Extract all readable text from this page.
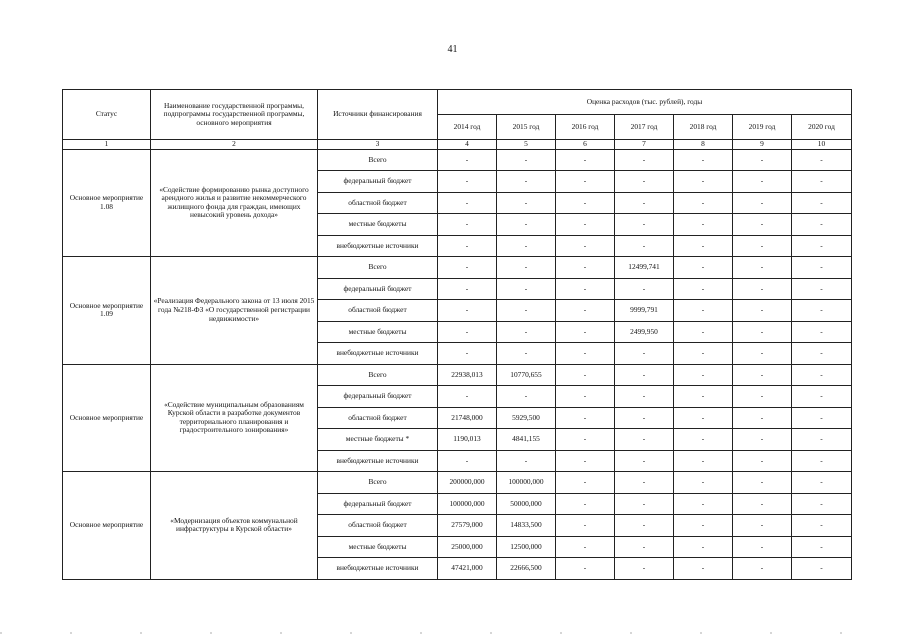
41
Статус	Наименование государственной программы, подпрограммы государственной программы, основного мероприятия	Источники финансирования	Оценка расходов (тыс. рублей), годы						
			2014 год	2015 год	2016 год	2017 год	2018 год	2019 год	2020 год
1	2	3	4	5	6	7	8	9	10
Основное мероприятие 1.08	«Содействие формированию рынка доступного арендного жилья и развитие некоммерческого жилищного фонда для граждан, имеющих невысокий уровень дохода»	Всего	-	-	-	-	-	-	-
		федеральный бюджет	-	-	-	-	-	-	-
		областной бюджет	-	-	-	-	-	-	-
		местные бюджеты	-	-	-	-	-	-	-
		внебюджетные источники	-	-	-	-	-	-	-
Основное мероприятие 1.09	«Реализация Федерального закона от 13 июля 2015 года №218-ФЗ «О государственной регистрации недвижимости»	Всего	-	-	-	12499,741	-	-	-
		федеральный бюджет	-	-	-	-	-	-	-
		областной бюджет	-	-	-	9999,791	-	-	-
		местные бюджеты	-	-	-	2499,950	-	-	-
		внебюджетные источники	-	-	-	-	-	-	-
Основное мероприятие	«Содействие муниципальным образованиям Курской области в разработке документов территориального планирования и градостроительного зонирования»	Всего	22938,013	10770,655	-	-	-	-	-
		федеральный бюджет	-	-	-	-	-	-	-
		областной бюджет	21748,000	5929,500	-	-	-	-	-
		местные бюджеты *	1190,013	4841,155	-	-	-	-	-
		внебюджетные источники	-	-	-	-	-	-	-
Основное мероприятие	«Модернизация объектов коммунальной инфраструктуры в Курской области»	Всего	200000,000	100000,000	-	-	-	-	-
		федеральный бюджет	100000,000	50000,000	-	-	-	-	-
		областной бюджет	27579,000	14833,500	-	-	-	-	-
		местные бюджеты	25000,000	12500,000	-	-	-	-	-
		внебюджетные источники	47421,000	22666,500	-	-	-	-	-
